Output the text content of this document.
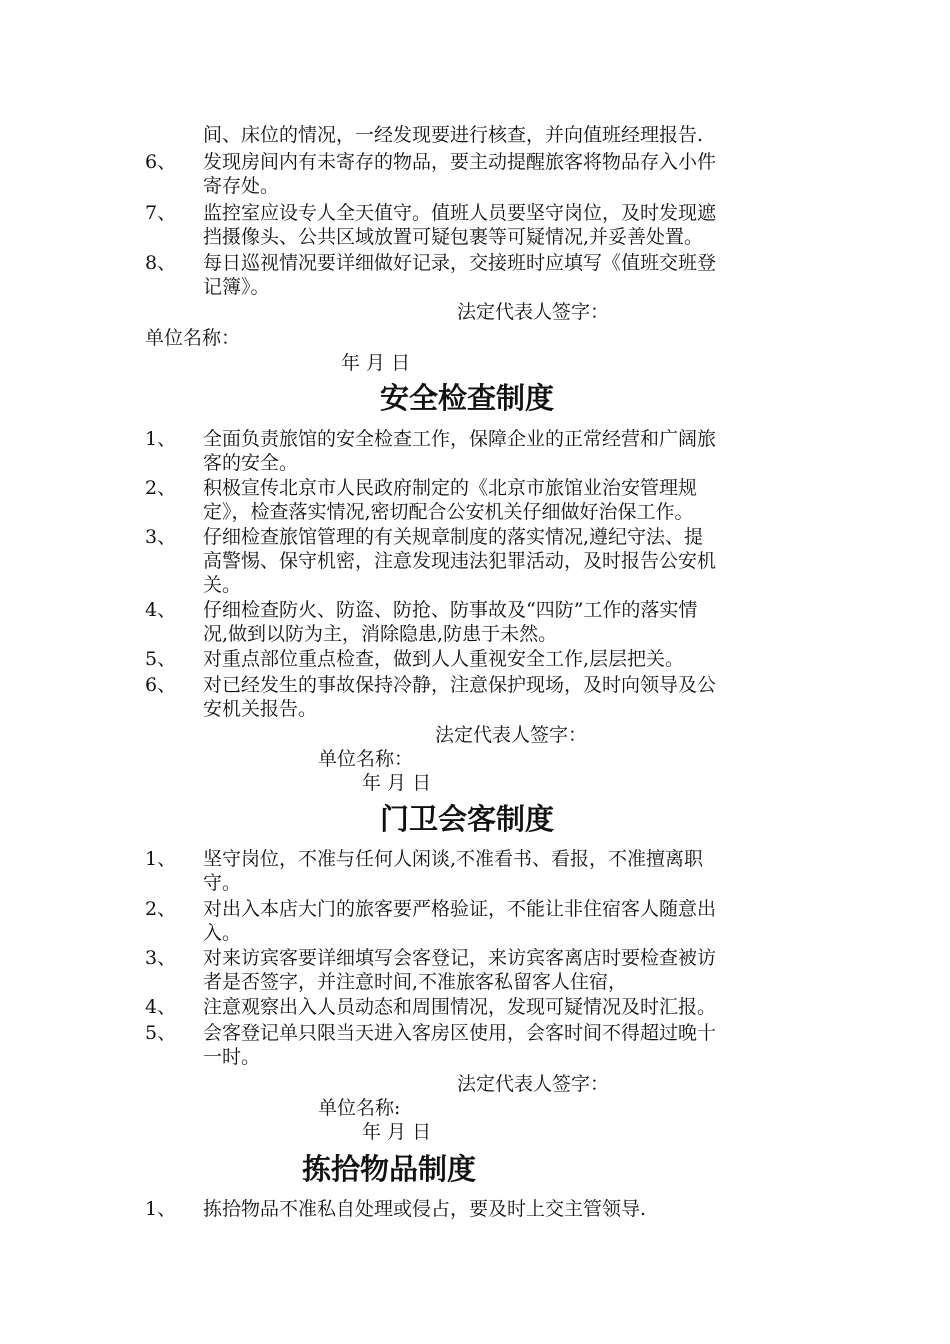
间、床位的情况，一经发现要进行核查，并向值班经理报告.
6、 发现房间内有未寄存的物品，要主动提醒旅客将物品存入小件
寄存处。
7、 监控室应设专人全天值守。值班人员要坚守岗位，及时发现遮
挡摄像头、公共区域放置可疑包裹等可疑情况,并妥善处置。
8、 每日巡视情况要详细做好记录，交接班时应填写《值班交班登
记簿》。
法定代表人签字：
单位名称：
年 月 日
安全检查制度
1、 全面负责旅馆的安全检查工作，保障企业的正常经营和广阔旅
客的安全。
2、 积极宣传北京市人民政府制定的《北京市旅馆业治安管理规
定》，检查落实情况,密切配合公安机关仔细做好治保工作。
3、 仔细检查旅馆管理的有关规章制度的落实情况,遵纪守法、提
高警惕、保守机密，注意发现违法犯罪活动，及时报告公安机
关。
4、 仔细检查防火、防盗、防抢、防事故及“四防”工作的落实情
况,做到以防为主，消除隐患,防患于未然。
5、 对重点部位重点检查，做到人人重视安全工作,层层把关。
6、 对已经发生的事故保持冷静，注意保护现场，及时向领导及公
安机关报告。
法定代表人签字：
单位名称：
年 月 日
门卫会客制度
1、 坚守岗位，不准与任何人闲谈,不准看书、看报，不准擅离职
守。
2、 对出入本店大门的旅客要严格验证，不能让非住宿客人随意出
入。
3、 对来访宾客要详细填写会客登记，来访宾客离店时要检查被访
者是否签字，并注意时间,不准旅客私留客人住宿，
4、 注意观察出入人员动态和周围情况，发现可疑情况及时汇报。
5、 会客登记单只限当天进入客房区使用，会客时间不得超过晚十
一时。
法定代表人签字：
单位名称:
年 月 日
拣拾物品制度
1、 拣拾物品不准私自处理或侵占，要及时上交主管领导.
